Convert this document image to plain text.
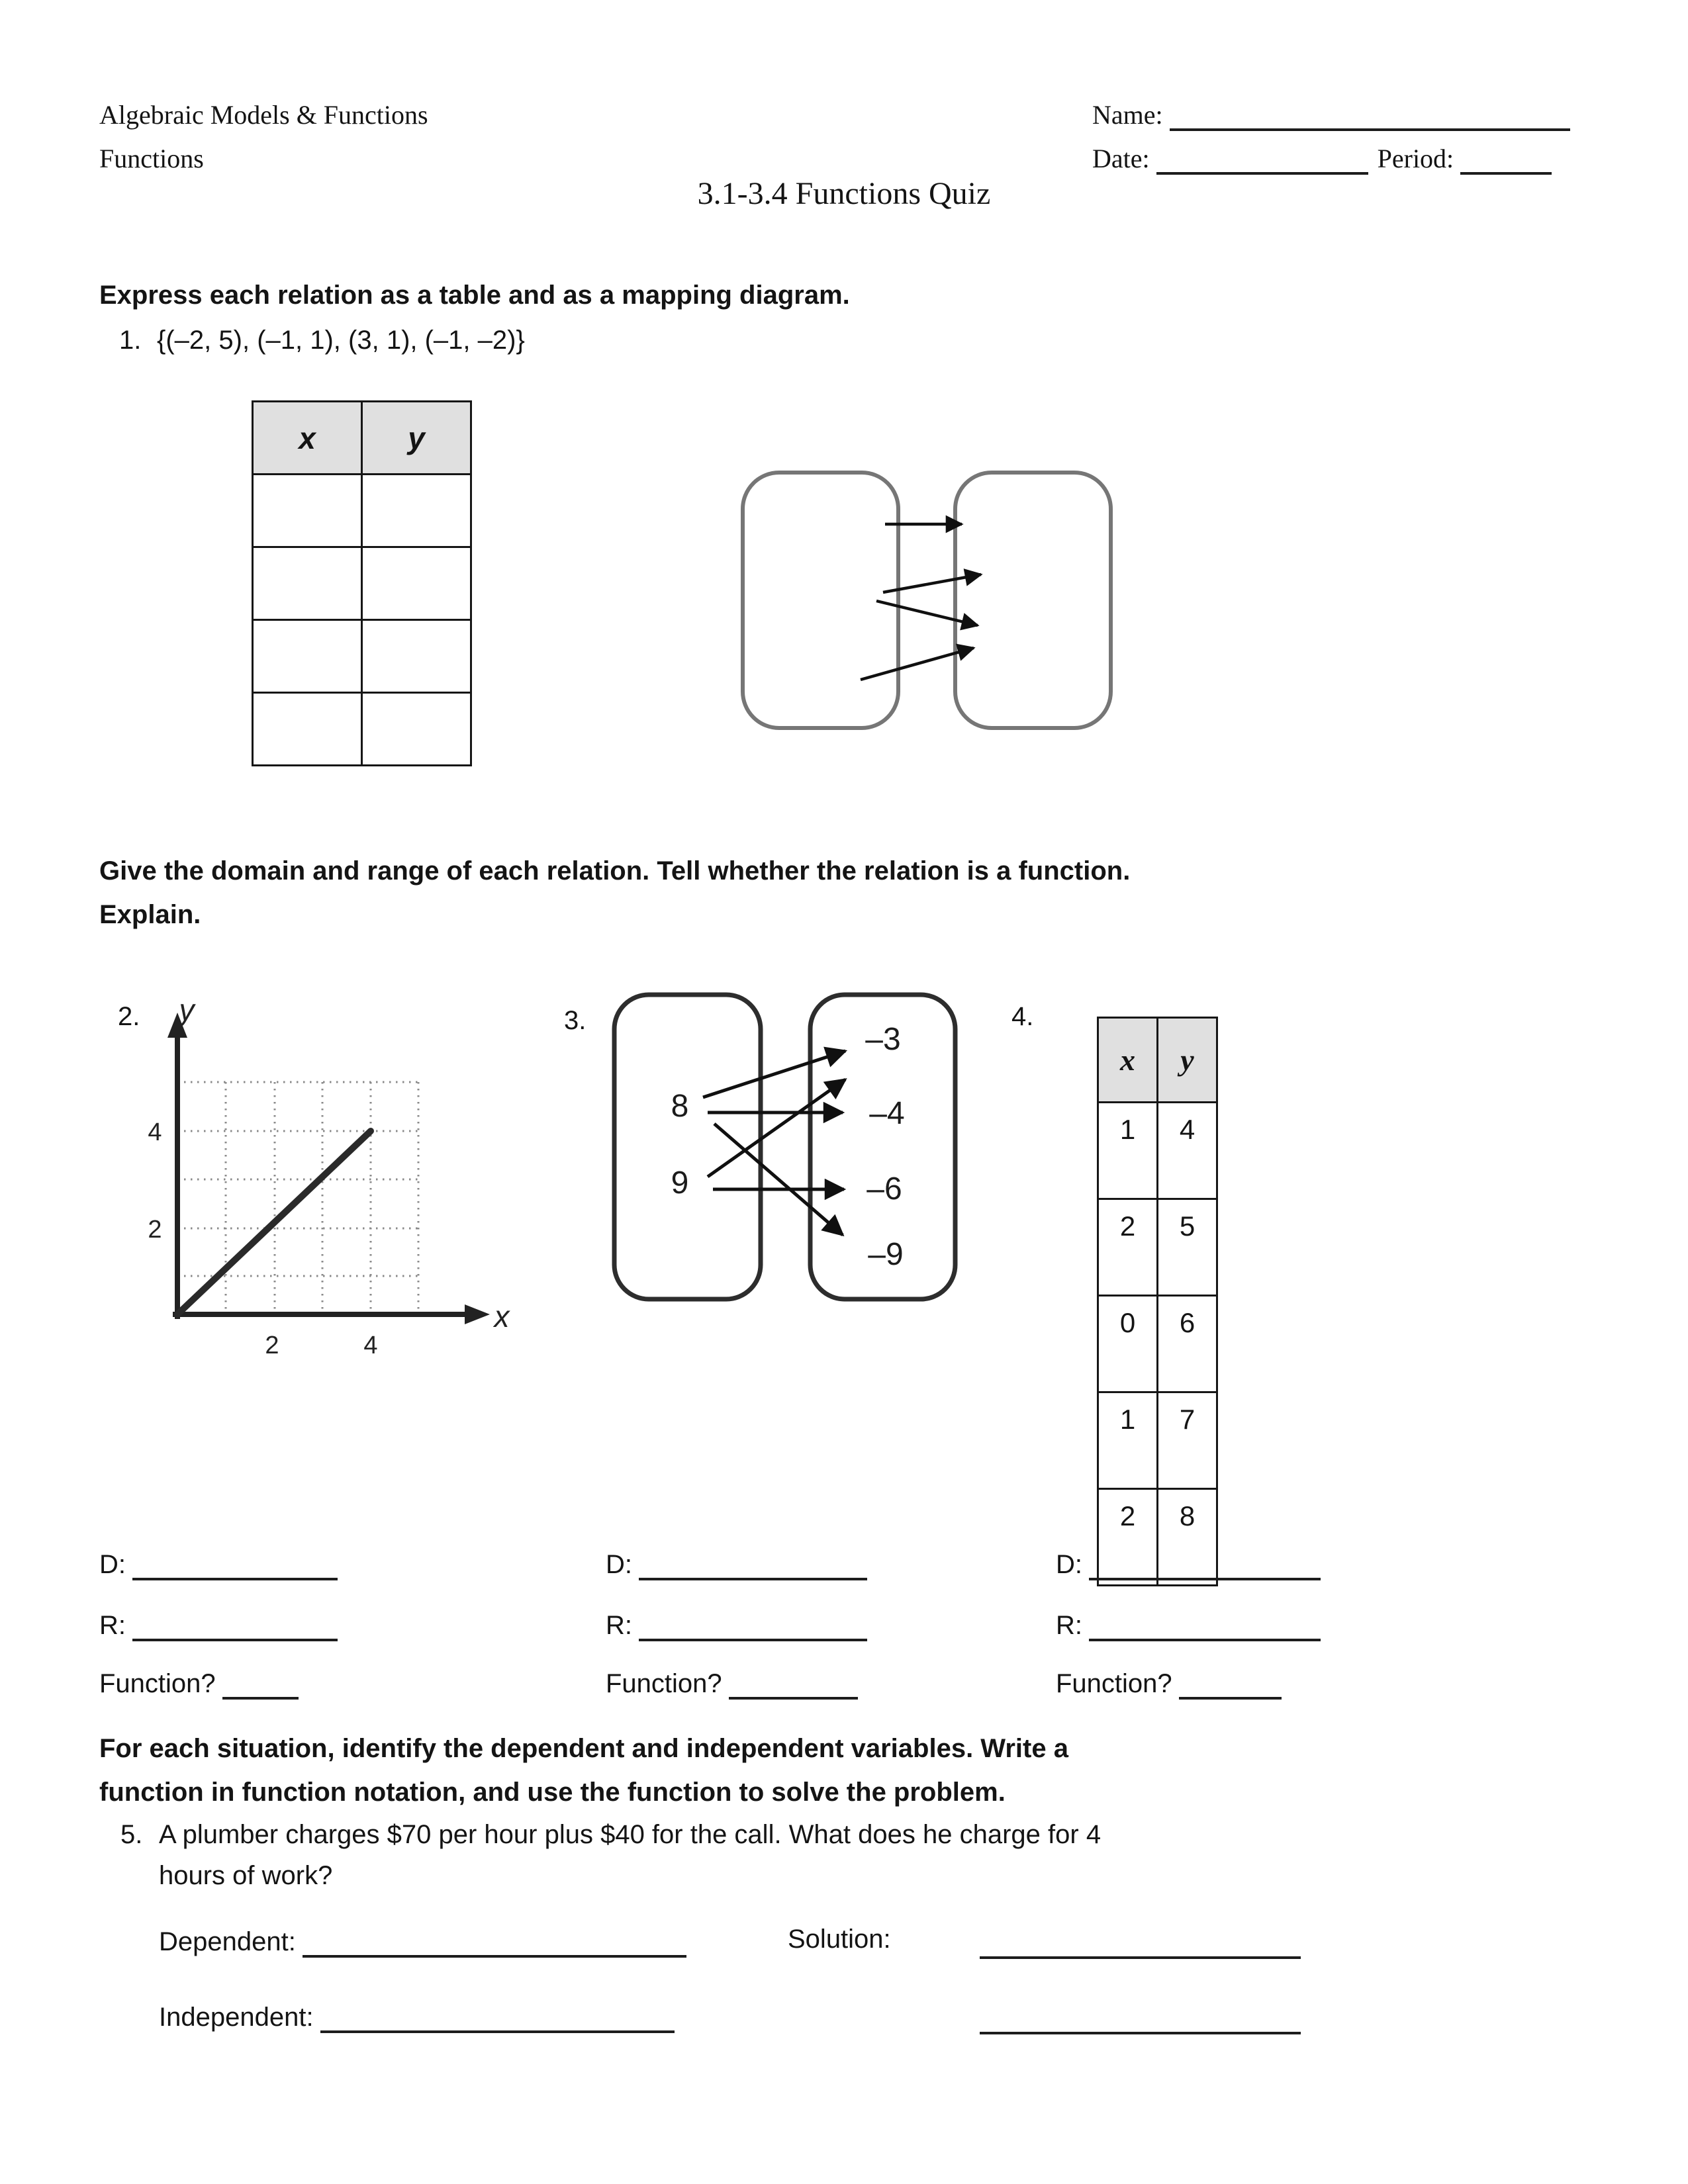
Algebraic Models & Functions
Functions
Name:
Date:	Period:
3.1-3.4 Functions Quiz
Express each relation as a table and as a mapping diagram.
1. {(–2, 5), (–1, 1), (3, 1), (–1, –2)}
x	y

Give the domain and range of each relation. Tell whether the relation is a function.
Explain.
2. y
x
4
2
2	4
3.
8
9
–3
–4
–6
–9
4.
x	y
1	4
2	5
0	6
1	7
2	8
D:
R:
Function?
D:
R:
Function?
D:
R:
Function?
For each situation, identify the dependent and independent variables. Write a
function in function notation, and use the function to solve the problem.
5. A plumber charges $70 per hour plus $40 for the call. What does he charge for 4
hours of work?
Dependent:	Solution:
Independent:
